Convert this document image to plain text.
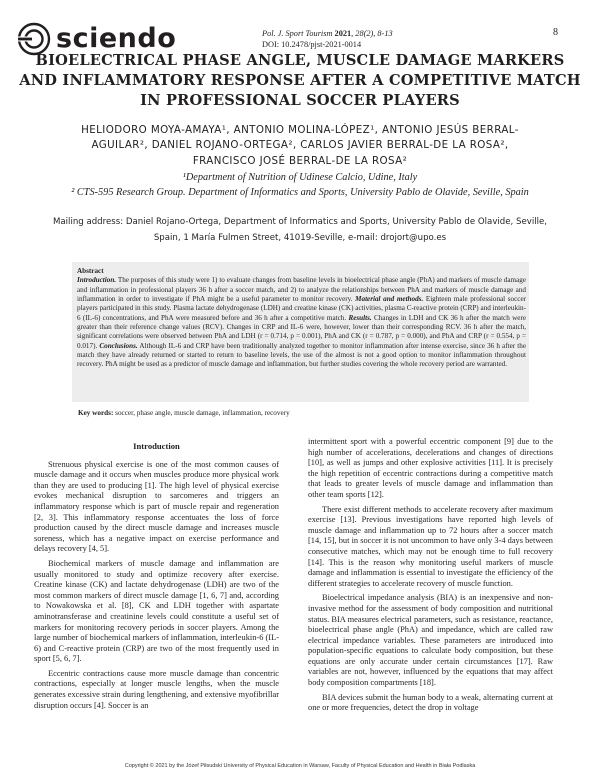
sciendo	Pol. J. Sport Tourism 2021, 28(2), 8-13
DOI: 10.2478/pjst-2021-0014
8
BIOELECTRICAL PHASE ANGLE, MUSCLE DAMAGE MARKERS AND INFLAMMATORY RESPONSE AFTER A COMPETITIVE MATCH IN PROFESSIONAL SOCCER PLAYERS
HELIODORO MOYA-AMAYA¹, ANTONIO MOLINA-LÓPEZ¹, ANTONIO JESÚS BERRAL-
AGUILAR², DANIEL ROJANO-ORTEGA², CARLOS JAVIER BERRAL-DE LA ROSA²,
FRANCISCO JOSÉ BERRAL-DE LA ROSA²
¹Department of Nutrition of Udinese Calcio, Udine, Italy
² CTS-595 Research Group. Department of Informatics and Sports, University Pablo de Olavide, Seville, Spain
Mailing address: Daniel Rojano-Ortega, Department of Informatics and Sports, University Pablo de Olavide, Seville,
Spain, 1 María Fulmen Street, 41019-Seville, e-mail: drojort@upo.es
Abstract
Introduction. The purposes of this study were 1) to evaluate changes from baseline levels in bioelectrical phase angle (PhA) and markers of muscle damage and inflammation in professional players 36 h after a soccer match, and 2) to analyze the relationships between PhA and markers of muscle damage and inflammation in order to investigate if PhA might be a useful parameter to monitor recovery. Material and methods. Eighteen male professional soccer players participated in this study. Plasma lactate dehydrogenase (LDH) and creatine kinase (CK) activities, plasma C-reactive protein (CRP) and interleukin-6 (IL-6) concentrations, and PhA were measured before and 36 h after a competitive match. Results. Changes in LDH and CK 36 h after the match were greater than their reference change values (RCV). Changes in CRP and IL-6 were, however, lower than their corresponding RCV. 36 h after the match, significant correlations were observed between PhA and LDH (r = 0.714, p = 0.001), PhA and CK (r = 0.787, p = 0.000), and PhA and CRP (r = 0.554, p = 0.017). Conclusions. Although IL-6 and CRP have been traditionally analyzed together to monitor inflammation after intense exercise, since 36 h after the match they have already returned or started to return to baseline levels, the use of the almost is not a good option to monitor inflammation throughout recovery. PhA might be used as a predictor of muscle damage and inflammation, but further studies covering the whole recovery period are warranted.
Key words: soccer, phase angle, muscle damage, inflammation, recovery
Introduction

Strenuous physical exercise is one of the most common causes of muscle damage and it occurs when muscles produce more physical work than they are used to producing [1]. The high level of physical exercise evokes mechanical disruption to sarcomeres and triggers an inflammatory response which is part of muscle repair and regeneration [2, 3]. This inflammatory response accentuates the loss of force production caused by the direct muscle damage and increases muscle soreness, which has a negative impact on exercise performance and delays recovery [4, 5].

Biochemical markers of muscle damage and inflammation are usually monitored to study and optimize recovery after exercise. Creatine kinase (CK) and lactate dehydrogenase (LDH) are two of the most common markers of direct muscle damage [1, 6, 7] and, according to Nowakowska et al. [8], CK and LDH together with aspartate aminotransferase and creatinine levels could constitute a useful set of markers for monitoring recovery periods in soccer players. Among the large number of biochemical markers of inflammation, interleukin-6 (IL-6) and C-reactive protein (CRP) are two of the most frequently used in sport [5, 6, 7].

Eccentric contractions cause more muscle damage than concentric contractions, especially at longer muscle lengths, when the muscle generates excessive strain during lengthening, and extensive myofibrillar disruption occurs [4]. Soccer is an

intermittent sport with a powerful eccentric component [9] due to the high number of accelerations, decelerations and changes of directions [10], as well as jumps and other explosive activities [11]. It is precisely the high repetition of eccentric contractions during a competitive match that leads to greater levels of muscle damage and inflammation than other team sports [12].

There exist different methods to accelerate recovery after maximum exercise [13]. Previous investigations have reported high levels of muscle damage and inflammation up to 72 hours after a soccer match [14, 15], but in soccer it is not uncommon to have only 3-4 days between consecutive matches, which may not be enough time to full recovery [14]. This is the reason why monitoring useful markers of muscle damage and inflammation is essential to investigate the efficiency of the different strategies to accelerate recovery of muscle function.

Bioelectrical impedance analysis (BIA) is an inexpensive and non-invasive method for the assessment of body composition and nutritional status. BIA measures electrical parameters, such as resistance, reactance, bioelectrical phase angle (PhA) and impedance, which are called raw electrical impedance variables. These parameters are introduced into population-specific equations to calculate body composition, but these equations are only accurate under certain circumstances [17]. Raw variables are not, however, influenced by the equations that may affect body composition compartments [18].

BIA devices submit the human body to a weak, alternating current at one or more frequencies, detect the drop in voltage

Copyright © 2021 by the Józef Piłsudski University of Physical Education in Warsaw, Faculty of Physical Education and Health in Biała Podlaska
